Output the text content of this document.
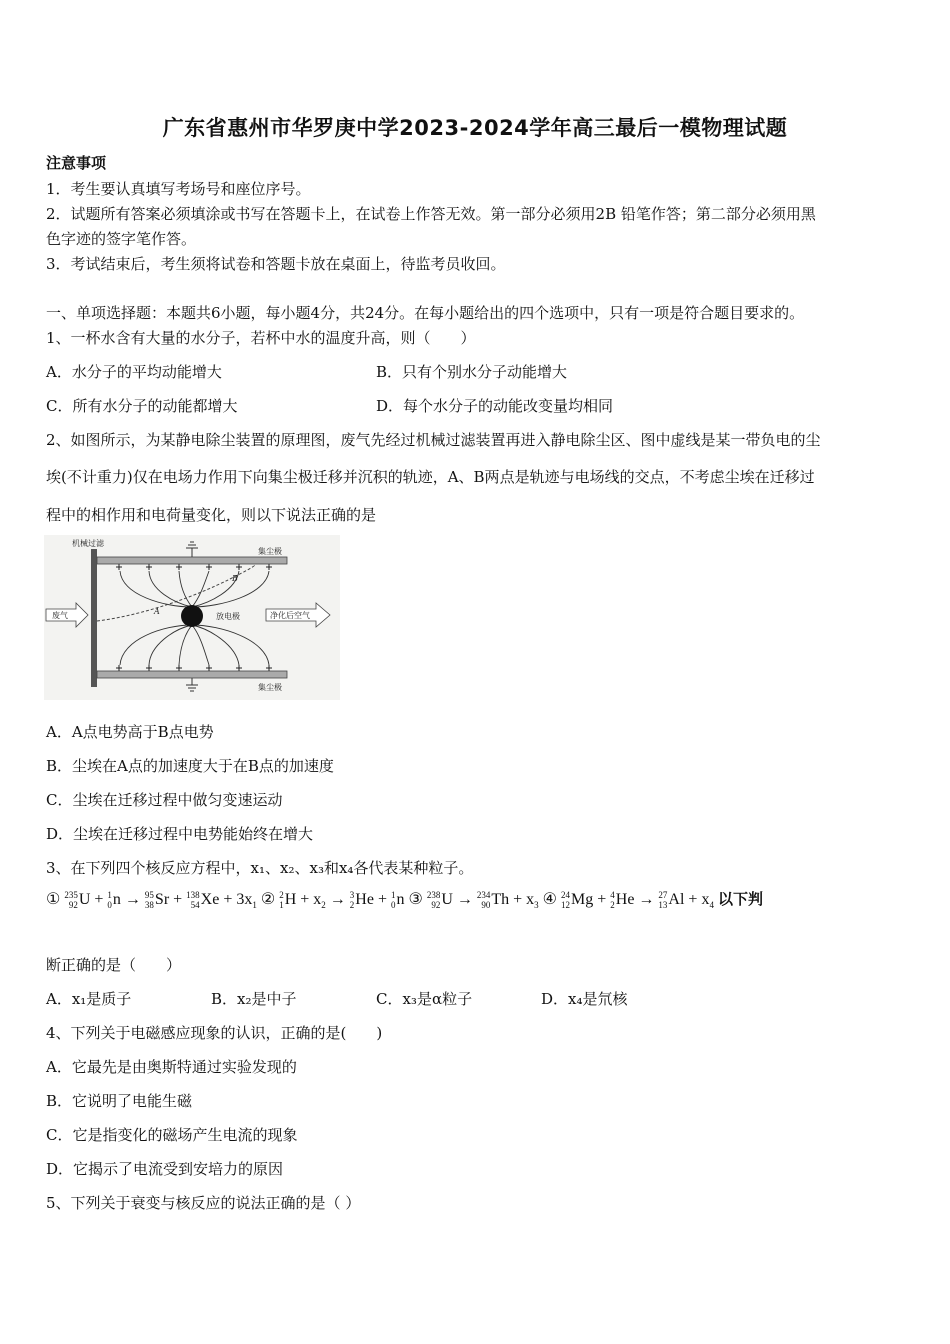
广东省惠州市华罗庚中学2023-2024学年高三最后一模物理试题
注意事项
1．考生要认真填写考场号和座位序号。
2．试题所有答案必须填涂或书写在答题卡上，在试卷上作答无效。第一部分必须用2B 铅笔作答；第二部分必须用黑
色字迹的签字笔作答。
3．考试结束后，考生须将试卷和答题卡放在桌面上，待监考员收回。
一、单项选择题：本题共6小题，每小题4分，共24分。在每小题给出的四个选项中，只有一项是符合题目要求的。
1、一杯水含有大量的水分子，若杯中水的温度升高，则（　　）
A．水分子的平均动能增大	B．只有个别水分子动能增大
C．所有水分子的动能都增大	D．每个水分子的动能改变量均相同
2、如图所示，为某静电除尘装置的原理图，废气先经过机械过滤装置再进入静电除尘区、图中虚线是某一带负电的尘
埃(不计重力)仅在电场力作用下向集尘极迁移并沉积的轨迹，A、B两点是轨迹与电场线的交点，不考虑尘埃在迁移过
程中的相作用和电荷量变化，则以下说法正确的是
机械过滤
集尘极
集尘极
废气	净化后空气
放电极
A
B
A．A点电势高于B点电势
B．尘埃在A点的加速度大于在B点的加速度
C．尘埃在迁移过程中做匀变速运动
D．尘埃在迁移过程中电势能始终在增大
3、在下列四个核反应方程中，x₁、x₂、x₃和x₄各代表某种粒子。
① 235
92 U + 1
0 n → 95
38 Sr + 138
54 $Xe + 3x_1$ ② 2
1 $H + x_2 \to 3$
2 He + 1
0 n ③ 238
92 U → 234
90 $Th + x_3$ ④ 24
12 Mg + 4
2 He → 27
13 $Al + x_4$ 以下判
断正确的是（　　）
A．x₁是质子	B．x₂是中子	C．x₃是α粒子	D．x₄是氘核
4、下列关于电磁感应现象的认识，正确的是(　　)
A．它最先是由奥斯特通过实验发现的
B．它说明了电能生磁
C．它是指变化的磁场产生电流的现象
D．它揭示了电流受到安培力的原因
5、下列关于衰变与核反应的说法正确的是（ ）
